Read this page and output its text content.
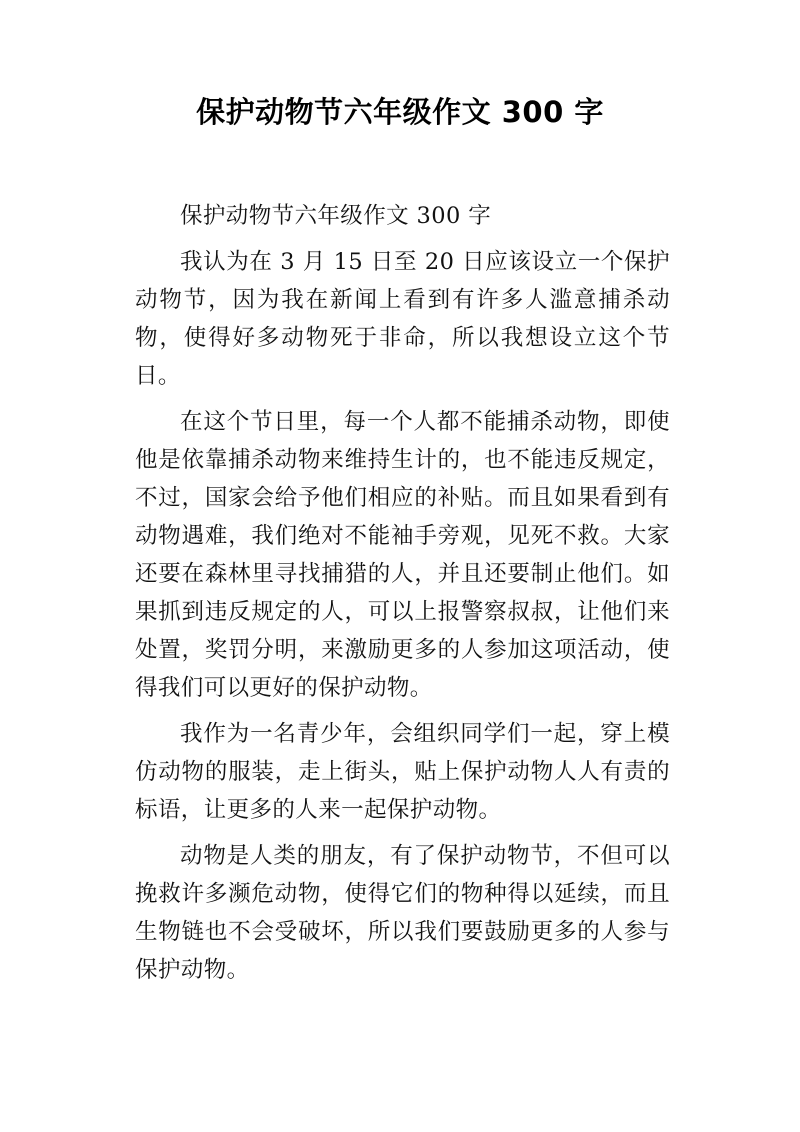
保护动物节六年级作文 300 字

保护动物节六年级作文 300 字

我认为在 3 月 15 日至 20 日应该设立一个保护动物节，因为我在新闻上看到有许多人滥意捕杀动物，使得好多动物死于非命，所以我想设立这个节日。

在这个节日里，每一个人都不能捕杀动物，即使他是依靠捕杀动物来维持生计的，也不能违反规定，不过，国家会给予他们相应的补贴。而且如果看到有动物遇难，我们绝对不能袖手旁观，见死不救。大家还要在森林里寻找捕猎的人，并且还要制止他们。如果抓到违反规定的人，可以上报警察叔叔，让他们来处置，奖罚分明，来激励更多的人参加这项活动，使得我们可以更好的保护动物。

我作为一名青少年，会组织同学们一起，穿上模仿动物的服装，走上街头，贴上保护动物人人有责的标语，让更多的人来一起保护动物。

动物是人类的朋友，有了保护动物节，不但可以挽救许多濒危动物，使得它们的物种得以延续，而且生物链也不会受破坏，所以我们要鼓励更多的人参与保护动物。
